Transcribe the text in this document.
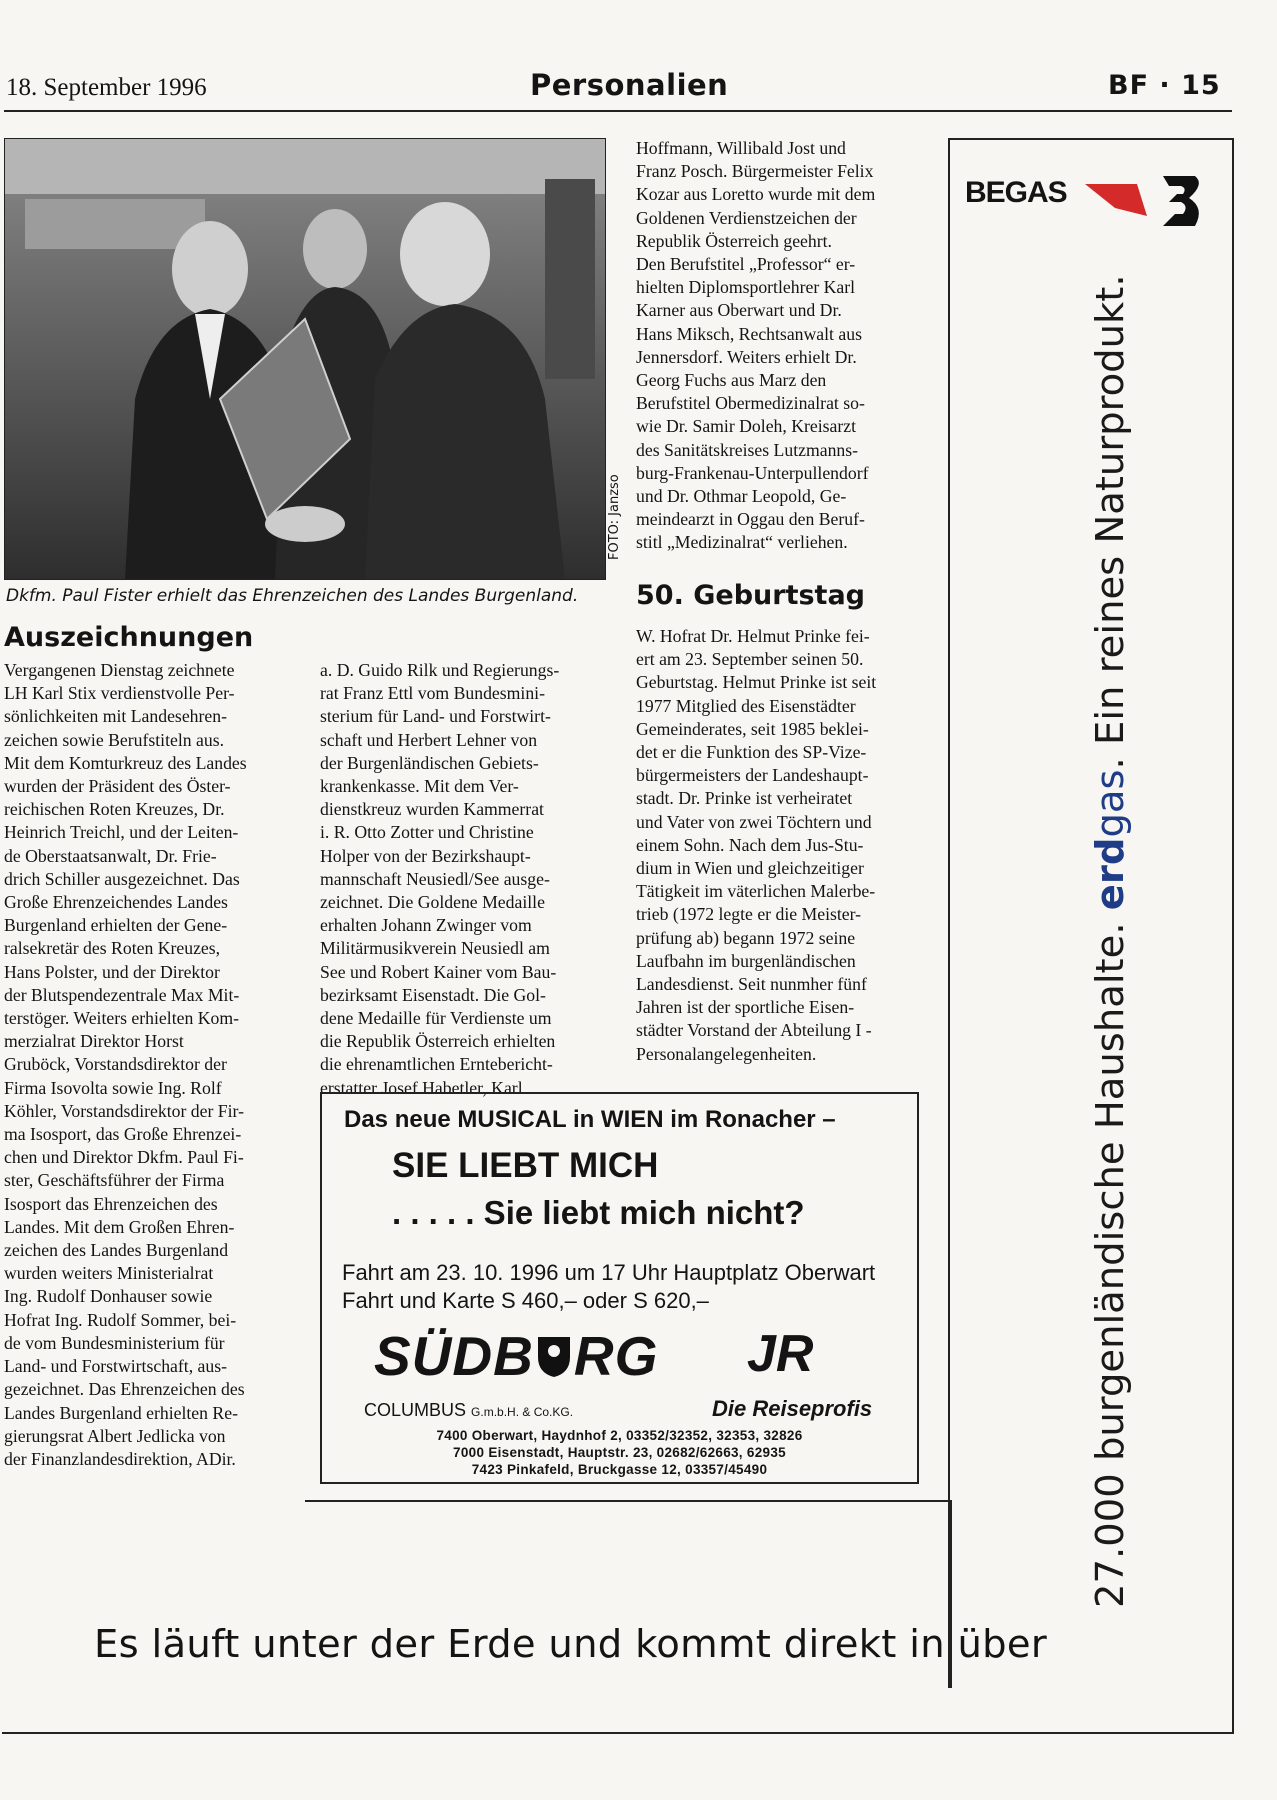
18. September 1996	Personalien	BF · 15
FOTO: Janzso
Dkfm. Paul Fister erhielt das Ehrenzeichen des Landes Burgenland.
Auszeichnungen
Vergangenen Dienstag zeichnete
LH Karl Stix verdienstvolle Per-
sönlichkeiten mit Landesehren-
zeichen sowie Berufstiteln aus.
Mit dem Komturkreuz des Landes
wurden der Präsident des Öster-
reichischen Roten Kreuzes, Dr.
Heinrich Treichl, und der Leiten-
de Oberstaatsanwalt, Dr. Frie-
drich Schiller ausgezeichnet. Das
Große Ehrenzeichendes Landes
Burgenland erhielten der Gene-
ralsekretär des Roten Kreuzes,
Hans Polster, und der Direktor
der Blutspendezentrale Max Mit-
terstöger. Weiters erhielten Kom-
merzialrat Direktor Horst
Gruböck, Vorstandsdirektor der
Firma Isovolta sowie Ing. Rolf
Köhler, Vorstandsdirektor der Fir-
ma Isosport, das Große Ehrenzei-
chen und Direktor Dkfm. Paul Fi-
ster, Geschäftsführer der Firma
Isosport das Ehrenzeichen des
Landes. Mit dem Großen Ehren-
zeichen des Landes Burgenland
wurden weiters Ministerialrat
Ing. Rudolf Donhauser sowie
Hofrat Ing. Rudolf Sommer, bei-
de vom Bundesministerium für
Land- und Forstwirtschaft, aus-
gezeichnet. Das Ehrenzeichen des
Landes Burgenland erhielten Re-
gierungsrat Albert Jedlicka von
der Finanzlandesdirektion, ADir.
a. D. Guido Rilk und Regierungs-
rat Franz Ettl vom Bundesmini-
sterium für Land- und Forstwirt-
schaft und Herbert Lehner von
der Burgenländischen Gebiets-
krankenkasse. Mit dem Ver-
dienstkreuz wurden Kammerrat
i. R. Otto Zotter und Christine
Holper von der Bezirkshaupt-
mannschaft Neusiedl/See ausge-
zeichnet. Die Goldene Medaille
erhalten Johann Zwinger vom
Militärmusikverein Neusiedl am
See und Robert Kainer vom Bau-
bezirksamt Eisenstadt. Die Gol-
dene Medaille für Verdienste um
die Republik Österreich erhielten
die ehrenamtlichen Erntebericht-
erstatter Josef Habetler, Karl
Hoffmann, Willibald Jost und
Franz Posch. Bürgermeister Felix
Kozar aus Loretto wurde mit dem
Goldenen Verdienstzeichen der
Republik Österreich geehrt.
Den Berufstitel „Professor“ er-
hielten Diplomsportlehrer Karl
Karner aus Oberwart und Dr.
Hans Miksch, Rechtsanwalt aus
Jennersdorf. Weiters erhielt Dr.
Georg Fuchs aus Marz den
Berufstitel Obermedizinalrat so-
wie Dr. Samir Doleh, Kreisarzt
des Sanitätskreises Lutzmanns-
burg-Frankenau-Unterpullendorf
und Dr. Othmar Leopold, Ge-
meindearzt in Oggau den Beruf-
stitl „Medizinalrat“ verliehen.
50. Geburtstag
W. Hofrat Dr. Helmut Prinke fei-
ert am 23. September seinen 50.
Geburtstag. Helmut Prinke ist seit
1977 Mitglied des Eisenstädter
Gemeinderates, seit 1985 beklei-
det er die Funktion des SP-Vize-
bürgermeisters der Landeshaupt-
stadt. Dr. Prinke ist verheiratet
und Vater von zwei Töchtern und
einem Sohn. Nach dem Jus-Stu-
dium in Wien und gleichzeitiger
Tätigkeit im väterlichen Malerbe-
trieb (1972 legte er die Meister-
prüfung ab) begann 1972 seine
Laufbahn im burgenländischen
Landesdienst. Seit nunmher fünf
Jahren ist der sportliche Eisen-
städter Vorstand der Abteilung I -
Personalangelegenheiten.
Das neue MUSICAL in WIEN im Ronacher –
SIE LIEBT MICH
. . . . . Sie liebt mich nicht?
Fahrt am 23. 10. 1996 um 17 Uhr Hauptplatz Oberwart
Fahrt und Karte S 460,– oder S 620,–
SÜDB RG JR
COLUMBUS G.m.b.H. & Co.KG.	Die Reiseprofis
7400 Oberwart, Haydnhof 2, 03352/32352, 32353, 32826
7000 Eisenstadt, Hauptstr. 23, 02682/62663, 62935
7423 Pinkafeld, Bruckgasse 12, 03357/45490
BEGAS
27.000 burgenländische Haushalte. erdgas. Ein reines Naturprodukt.
Es läuft unter der Erde und kommt direkt in über
